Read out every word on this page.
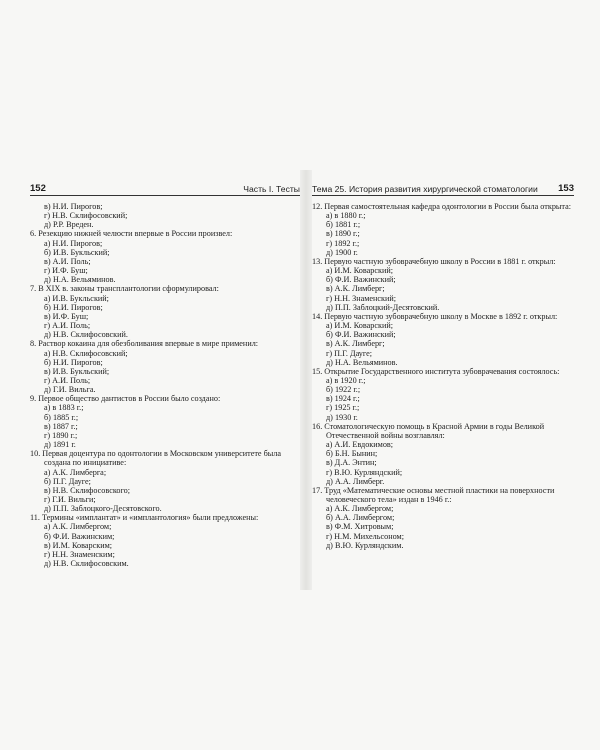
152	Часть I. Тесты
в) Н.И. Пирогов;
г) Н.В. Склифосовский;
д) Р.Р. Вреден.
6. Резекцию нижней челюсти впервые в России произвел:
а) Н.И. Пирогов;
б) И.В. Букльский;
в) А.И. Поль;
г) И.Ф. Буш;
д) Н.А. Вельяминов.
7. В XIX в. законы трансплантологии сформулировал:
а) И.В. Букльский;
б) Н.И. Пирогов;
в) И.Ф. Буш;
г) А.И. Поль;
д) Н.В. Склифосовский.
8. Раствор кокаина для обезболивания впервые в мире применил:
а) Н.В. Склифосовский;
б) Н.И. Пирогов;
в) И.В. Букльский;
г) А.И. Поль;
д) Г.И. Вильга.
9. Первое общество дантистов в России было создано:
а) в 1883 г.;
б) 1885 г.;
в) 1887 г.;
г) 1890 г.;
д) 1891 г.
10. Первая доцентура по одонтологии в Московском университете была создана по инициативе:
а) А.К. Лимберга;
б) П.Г. Дауге;
в) Н.В. Склифосовского;
г) Г.И. Вильги;
д) П.П. Заблоцкого-Десятовского.
11. Термины «имплантат» и «имплантология» были предложены:
а) А.К. Лимбергом;
б) Ф.И. Важинским;
в) И.М. Коварским;
г) Н.Н. Знаменским;
д) Н.В. Склифосовским.
Тема 25. История развития хирургической стоматологии 153
12. Первая самостоятельная кафедра одонтологии в России была открыта:
а) в 1880 г.;
б) 1881 г.;
в) 1890 г.;
г) 1892 г.;
д) 1900 г.
13. Первую частную зубоврачебную школу в России в 1881 г. открыл:
а) И.М. Коварский;
б) Ф.И. Важинский;
в) А.К. Лимберг;
г) Н.Н. Знаменский;
д) П.П. Заблоцкий-Десятовский.
14. Первую частную зубоврачебную школу в Москве в 1892 г. открыл:
а) И.М. Коварский;
б) Ф.И. Важинский;
в) А.К. Лимберг;
г) П.Г. Дауге;
д) Н.А. Вельяминов.
15. Открытие Государственного института зубоврачевания состоялось:
а) в 1920 г.;
б) 1922 г.;
в) 1924 г.;
г) 1925 г.;
д) 1930 г.
16. Стоматологическую помощь в Красной Армии в годы Великой Отечественной войны возглавлял:
а) А.И. Евдокимов;
б) Б.Н. Бынин;
в) Д.А. Энтин;
г) В.Ю. Курляндский;
д) А.А. Лимберг.
17. Труд «Математические основы местной пластики на поверхности человеческого тела» издан в 1946 г.:
а) А.К. Лимбергом;
б) А.А. Лимбергом;
в) Ф.М. Хитровым;
г) Н.М. Михельсоном;
д) В.Ю. Курляндским.
